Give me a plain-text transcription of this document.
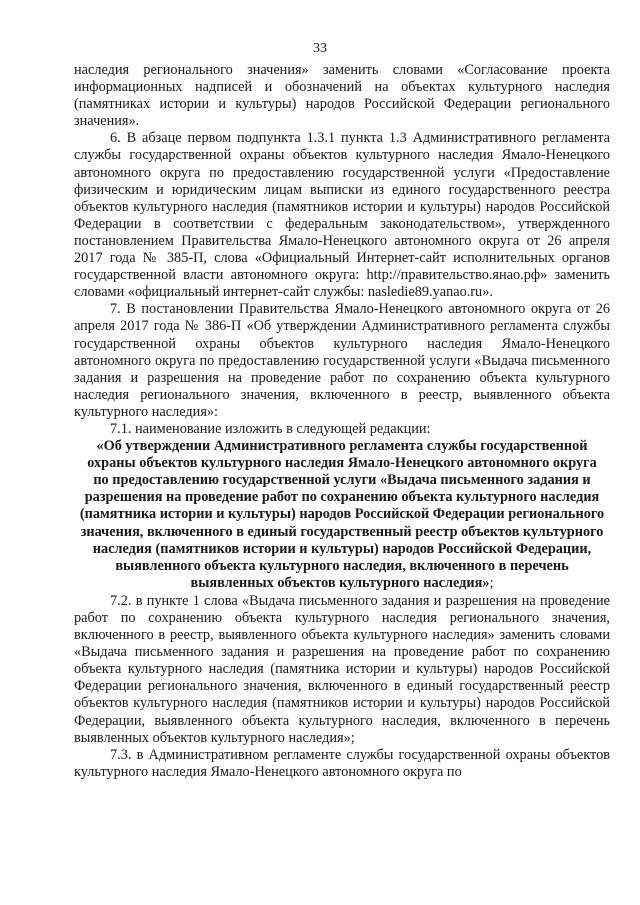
33

наследия регионального значения» заменить словами «Согласование проекта информационных надписей и обозначений на объектах культурного наследия (памятниках истории и культуры) народов Российской Федерации регионального значения».

6. В абзаце первом подпункта 1.3.1 пункта 1.3 Административного регламента службы государственной охраны объектов культурного наследия Ямало-Ненецкого автономного округа по предоставлению государственной услуги «Предоставление физическим и юридическим лицам выписки из единого государственного реестра объектов культурного наследия (памятников истории и культуры) народов Российской Федерации в соответствии с федеральным законодательством», утвержденного постановлением Правительства Ямало-Ненецкого автономного округа от 26 апреля 2017 года № 385-П, слова «Официальный Интернет-сайт исполнительных органов государственной власти автономного округа: http://правительство.янао.рф» заменить словами «официальный интернет-сайт службы: nasledie89.yanao.ru».

7. В постановлении Правительства Ямало-Ненецкого автономного округа от 26 апреля 2017 года № 386-П «Об утверждении Административного регламента службы государственной охраны объектов культурного наследия Ямало-Ненецкого автономного округа по предоставлению государственной услуги «Выдача письменного задания и разрешения на проведение работ по сохранению объекта культурного наследия регионального значения, включенного в реестр, выявленного объекта культурного наследия»:

7.1. наименование изложить в следующей редакции:

«Об утверждении Административного регламента службы государственной охраны объектов культурного наследия Ямало-Ненецкого автономного округа по предоставлению государственной услуги «Выдача письменного задания и разрешения на проведение работ по сохранению объекта культурного наследия (памятника истории и культуры) народов Российской Федерации регионального значения, включенного в единый государственный реестр объектов культурного наследия (памятников истории и культуры) народов Российской Федерации, выявленного объекта культурного наследия, включенного в перечень выявленных объектов культурного наследия»;

7.2. в пункте 1 слова «Выдача письменного задания и разрешения на проведение работ по сохранению объекта культурного наследия регионального значения, включенного в реестр, выявленного объекта культурного наследия» заменить словами «Выдача письменного задания и разрешения на проведение работ по сохранению объекта культурного наследия (памятника истории и культуры) народов Российской Федерации регионального значения, включенного в единый государственный реестр объектов культурного наследия (памятников истории и культуры) народов Российской Федерации, выявленного объекта культурного наследия, включенного в перечень выявленных объектов культурного наследия»;

7.3. в Административном регламенте службы государственной охраны объектов культурного наследия Ямало-Ненецкого автономного округа по
